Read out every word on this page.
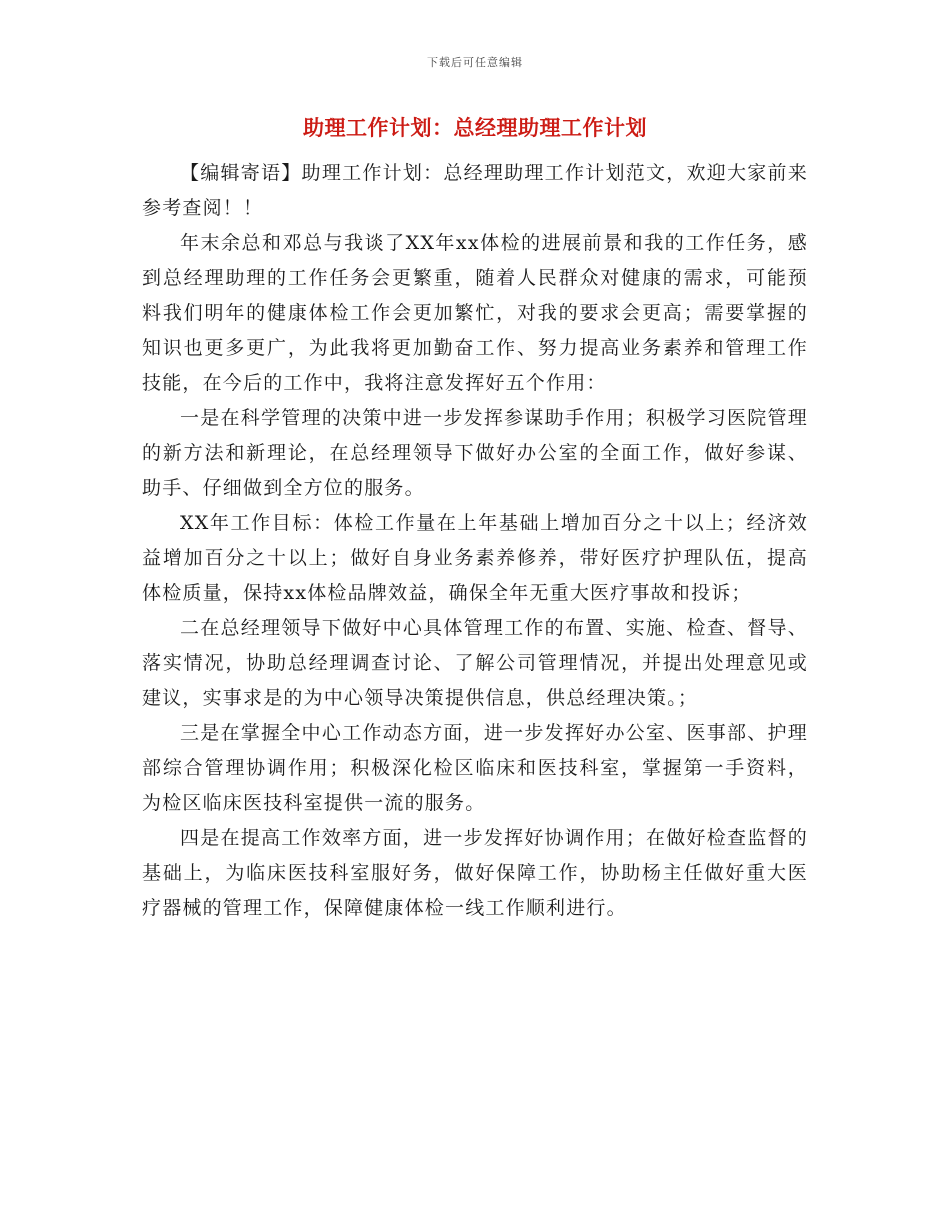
下载后可任意编辑
助理工作计划：总经理助理工作计划

【编辑寄语】助理工作计划：总经理助理工作计划范文，欢迎大家前来参考查阅！！

年末余总和邓总与我谈了XX年xx体检的进展前景和我的工作任务，感到总经理助理的工作任务会更繁重，随着人民群众对健康的需求，可能预料我们明年的健康体检工作会更加繁忙，对我的要求会更高；需要掌握的知识也更多更广，为此我将更加勤奋工作、努力提高业务素养和管理工作技能，在今后的工作中，我将注意发挥好五个作用：

一是在科学管理的决策中进一步发挥参谋助手作用；积极学习医院管理的新方法和新理论，在总经理领导下做好办公室的全面工作，做好参谋、助手、仔细做到全方位的服务。

XX年工作目标：体检工作量在上年基础上增加百分之十以上；经济效益增加百分之十以上；做好自身业务素养修养，带好医疗护理队伍，提高体检质量，保持xx体检品牌效益，确保全年无重大医疗事故和投诉；

二在总经理领导下做好中心具体管理工作的布置、实施、检查、督导、落实情况，协助总经理调查讨论、了解公司管理情况，并提出处理意见或建议，实事求是的为中心领导决策提供信息，供总经理决策。；

三是在掌握全中心工作动态方面，进一步发挥好办公室、医事部、护理部综合管理协调作用；积极深化检区临床和医技科室，掌握第一手资料，为检区临床医技科室提供一流的服务。

四是在提高工作效率方面，进一步发挥好协调作用；在做好检查监督的基础上，为临床医技科室服好务，做好保障工作，协助杨主任做好重大医疗器械的管理工作，保障健康体检一线工作顺利进行。
